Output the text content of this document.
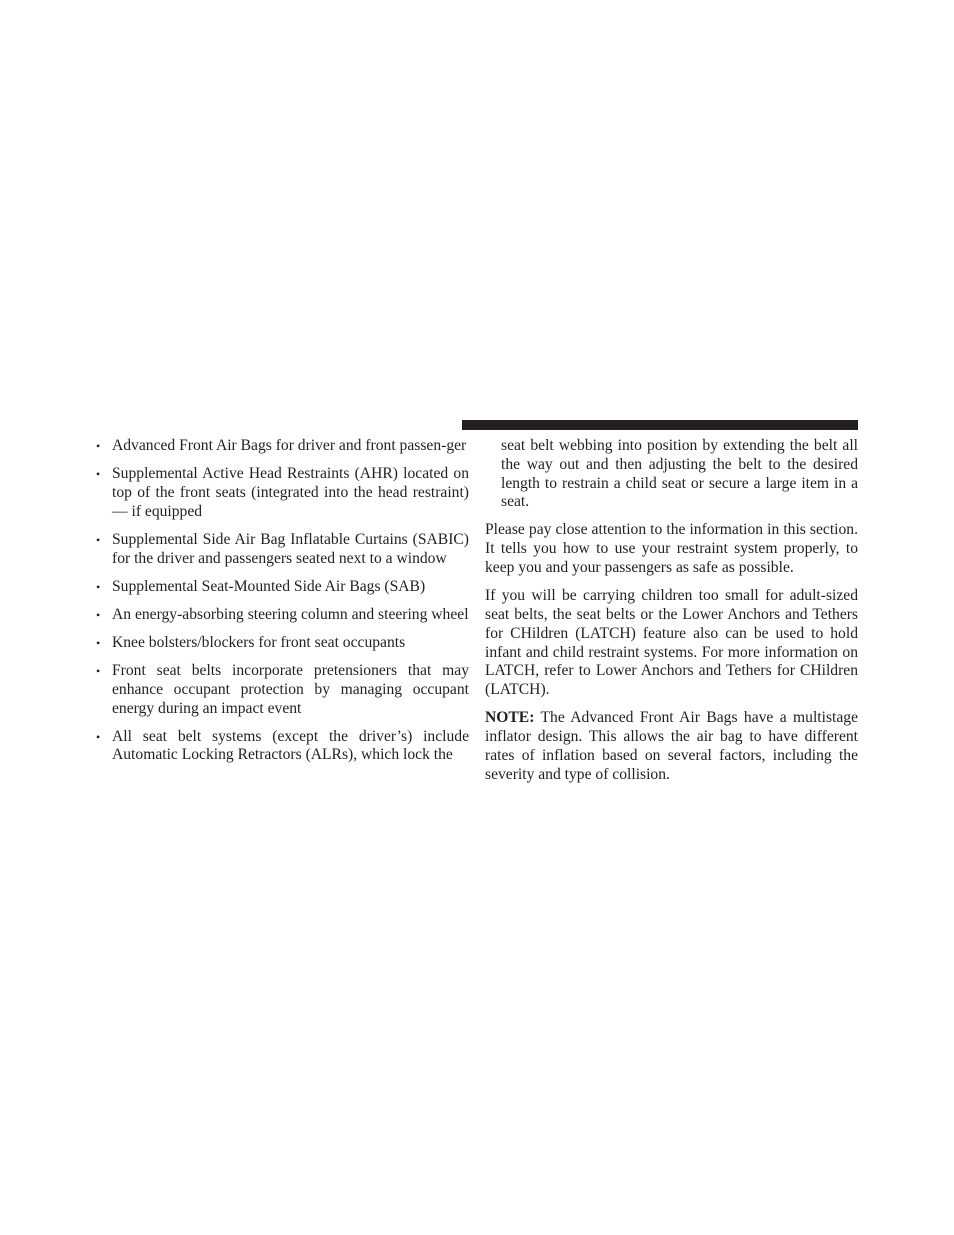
• Advanced Front Air Bags for driver and front passen-ger
• Supplemental Active Head Restraints (AHR) located on top of the front seats (integrated into the head restraint) — if equipped
• Supplemental Side Air Bag Inflatable Curtains (SABIC) for the driver and passengers seated next to a window
• Supplemental Seat-Mounted Side Air Bags (SAB)
• An energy-absorbing steering column and steering wheel
• Knee bolsters/blockers for front seat occupants
• Front seat belts incorporate pretensioners that may enhance occupant protection by managing occupant energy during an impact event
• All seat belt systems (except the driver’s) include Automatic Locking Retractors (ALRs), which lock the
seat belt webbing into position by extending the belt all the way out and then adjusting the belt to the desired length to restrain a child seat or secure a large item in a seat.

Please pay close attention to the information in this section. It tells you how to use your restraint system properly, to keep you and your passengers as safe as possible.

If you will be carrying children too small for adult-sized seat belts, the seat belts or the Lower Anchors and Tethers for CHildren (LATCH) feature also can be used to hold infant and child restraint systems. For more information on LATCH, refer to Lower Anchors and Tethers for CHildren (LATCH).

NOTE: The Advanced Front Air Bags have a multistage inflator design. This allows the air bag to have different rates of inflation based on several factors, including the severity and type of collision.
